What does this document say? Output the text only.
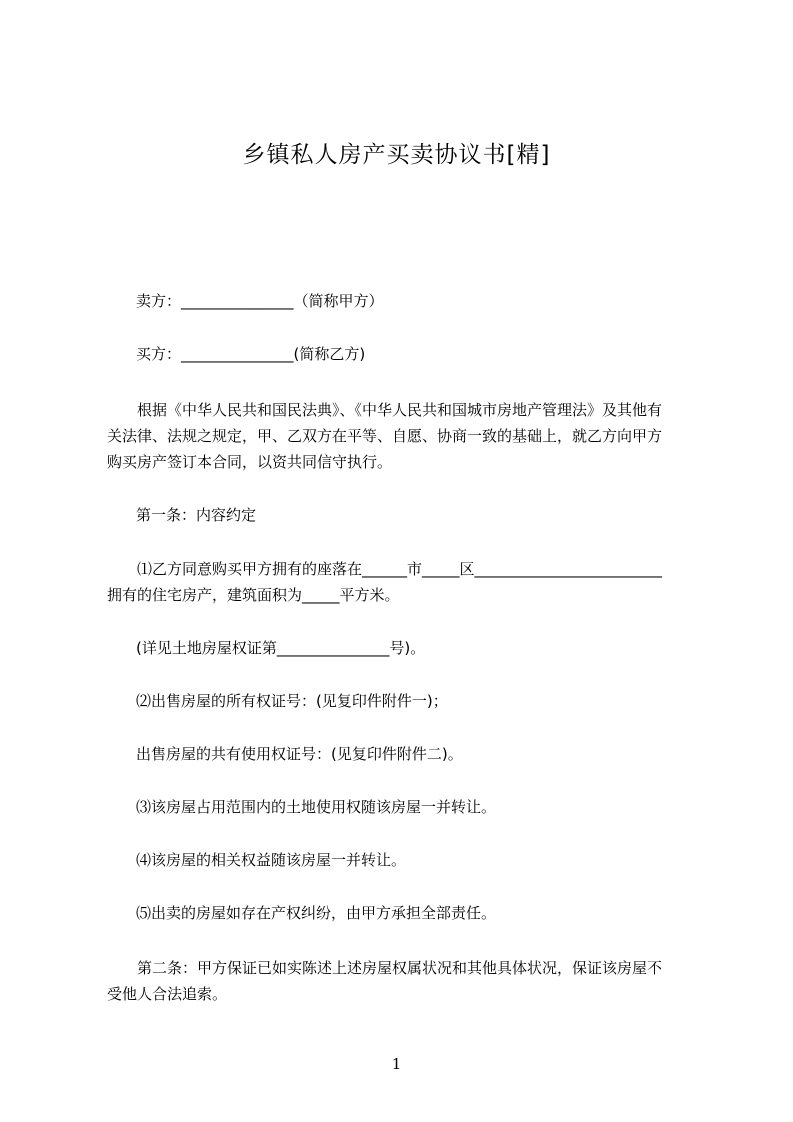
乡镇私人房产买卖协议书[精]
卖方：_______________（简称甲方）
买方：_______________(简称乙方)
根据《中华人民共和国民法典》、《中华人民共和国城市房地产管理法》及其他有
关法律、法规之规定，甲、乙双方在平等、自愿、协商一致的基础上，就乙方向甲方
购买房产签订本合同，以资共同信守执行。
第一条：内容约定
⑴乙方同意购买甲方拥有的座落在______市_____区_________________________
拥有的住宅房产，建筑面积为_____平方米。
(详见土地房屋权证第_______________号)。
⑵出售房屋的所有权证号：(见复印件附件一)；
出售房屋的共有使用权证号：(见复印件附件二)。
⑶该房屋占用范围内的土地使用权随该房屋一并转让。
⑷该房屋的相关权益随该房屋一并转让。
⑸出卖的房屋如存在产权纠纷，由甲方承担全部责任。
第二条：甲方保证已如实陈述上述房屋权属状况和其他具体状况，保证该房屋不
受他人合法追索。
1
